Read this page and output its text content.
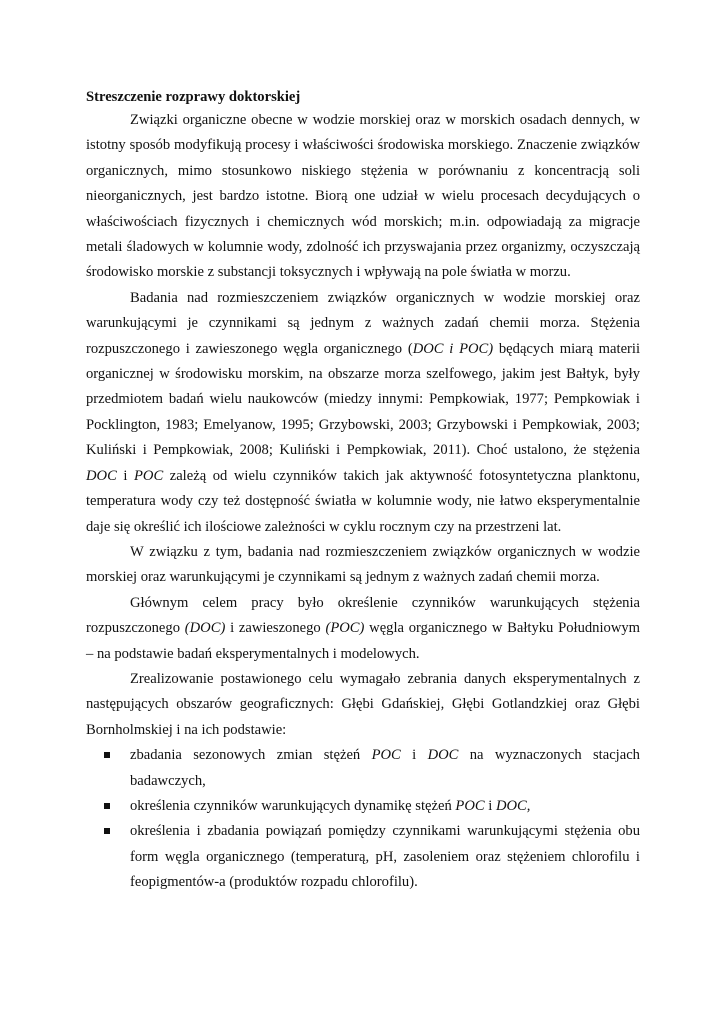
Streszczenie rozprawy doktorskiej

Związki organiczne obecne w wodzie morskiej oraz w morskich osadach dennych, w istotny sposób modyfikują procesy i właściwości środowiska morskiego. Znaczenie związków organicznych, mimo stosunkowo niskiego stężenia w porównaniu z koncentracją soli nieorganicznych, jest bardzo istotne. Biorą one udział w wielu procesach decydujących o właściwościach fizycznych i chemicznych wód morskich; m.in. odpowiadają za migracje metali śladowych w kolumnie wody, zdolność ich przyswajania przez organizmy, oczyszczają środowisko morskie z substancji toksycznych i wpływają na pole światła w morzu.

Badania nad rozmieszczeniem związków organicznych w wodzie morskiej oraz warunkującymi je czynnikami są jednym z ważnych zadań chemii morza. Stężenia rozpuszczonego i zawieszonego węgla organicznego (DOC i POC) będących miarą materii organicznej w środowisku morskim, na obszarze morza szelfowego, jakim jest Bałtyk, były przedmiotem badań wielu naukowców (miedzy innymi: Pempkowiak, 1977; Pempkowiak i Pocklington, 1983; Emelyanow, 1995; Grzybowski, 2003; Grzybowski i Pempkowiak, 2003; Kuliński i Pempkowiak, 2008; Kuliński i Pempkowiak, 2011). Choć ustalono, że stężenia DOC i POC zależą od wielu czynników takich jak aktywność fotosyntetyczna planktonu, temperatura wody czy też dostępność światła w kolumnie wody, nie łatwo eksperymentalnie daje się określić ich ilościowe zależności w cyklu rocznym czy na przestrzeni lat.

W związku z tym, badania nad rozmieszczeniem związków organicznych w wodzie morskiej oraz warunkującymi je czynnikami są jednym z ważnych zadań chemii morza.

Głównym celem pracy było określenie czynników warunkujących stężenia rozpuszczonego (DOC) i zawieszonego (POC) węgla organicznego w Bałtyku Południowym – na podstawie badań eksperymentalnych i modelowych.

Zrealizowanie postawionego celu wymagało zebrania danych eksperymentalnych z następujących obszarów geograficznych: Głębi Gdańskiej, Głębi Gotlandzkiej oraz Głębi Bornholmskiej i na ich podstawie:

zbadania sezonowych zmian stężeń POC i DOC na wyznaczonych stacjach badawczych,
określenia czynników warunkujących dynamikę stężeń POC i DOC,
określenia i zbadania powiązań pomiędzy czynnikami warunkującymi stężenia obu form węgla organicznego (temperaturą, pH, zasoleniem oraz stężeniem chlorofilu i feopigmentów-a (produktów rozpadu chlorofilu).
